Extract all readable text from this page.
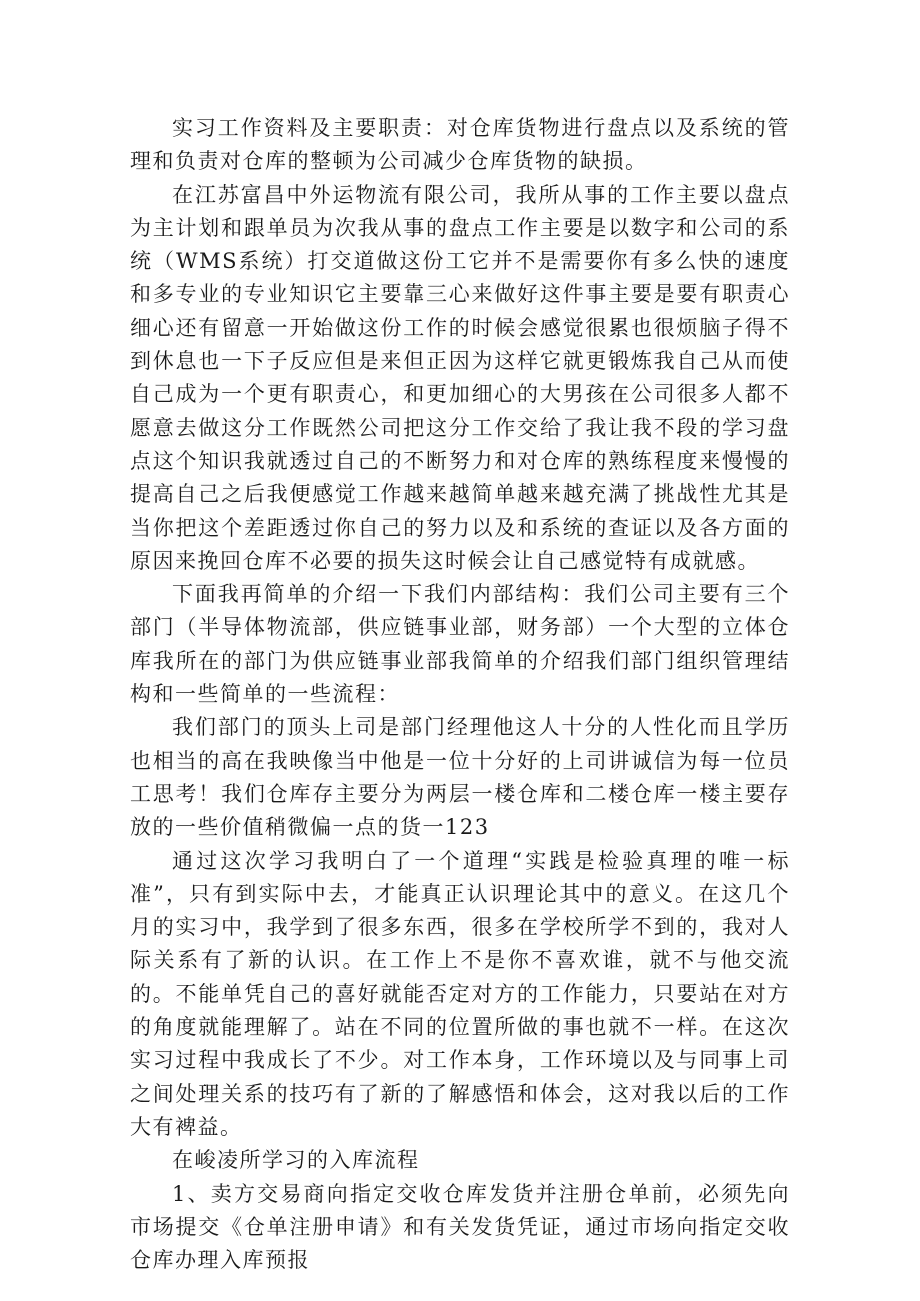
实习工作资料及主要职责：对仓库货物进行盘点以及系统的管理和负责对仓库的整顿为公司减少仓库货物的缺损。

在江苏富昌中外运物流有限公司，我所从事的工作主要以盘点为主计划和跟单员为次我从事的盘点工作主要是以数字和公司的系统（WMS系统）打交道做这份工它并不是需要你有多么快的速度和多专业的专业知识它主要靠三心来做好这件事主要是要有职责心细心还有留意一开始做这份工作的时候会感觉很累也很烦脑子得不到休息也一下子反应但是来但正因为这样它就更锻炼我自己从而使自己成为一个更有职责心，和更加细心的大男孩在公司很多人都不愿意去做这分工作既然公司把这分工作交给了我让我不段的学习盘点这个知识我就透过自己的不断努力和对仓库的熟练程度来慢慢的提高自己之后我便感觉工作越来越简单越来越充满了挑战性尤其是当你把这个差距透过你自己的努力以及和系统的查证以及各方面的原因来挽回仓库不必要的损失这时候会让自己感觉特有成就感。

下面我再简单的介绍一下我们内部结构：我们公司主要有三个部门（半导体物流部，供应链事业部，财务部）一个大型的立体仓库我所在的部门为供应链事业部我简单的介绍我们部门组织管理结构和一些简单的一些流程：

我们部门的顶头上司是部门经理他这人十分的人性化而且学历也相当的高在我映像当中他是一位十分好的上司讲诚信为每一位员工思考！我们仓库存主要分为两层一楼仓库和二楼仓库一楼主要存放的一些价值稍微偏一点的货一123

通过这次学习我明白了一个道理“实践是检验真理的唯一标准”，只有到实际中去，才能真正认识理论其中的意义。在这几个月的实习中，我学到了很多东西，很多在学校所学不到的，我对人际关系有了新的认识。在工作上不是你不喜欢谁，就不与他交流的。不能单凭自己的喜好就能否定对方的工作能力，只要站在对方的角度就能理解了。站在不同的位置所做的事也就不一样。在这次实习过程中我成长了不少。对工作本身，工作环境以及与同事上司之间处理关系的技巧有了新的了解感悟和体会，这对我以后的工作大有裨益。

在峻凌所学习的入库流程

1、卖方交易商向指定交收仓库发货并注册仓单前，必须先向市场提交《仓单注册申请》和有关发货凭证，通过市场向指定交收仓库办理入库预报
